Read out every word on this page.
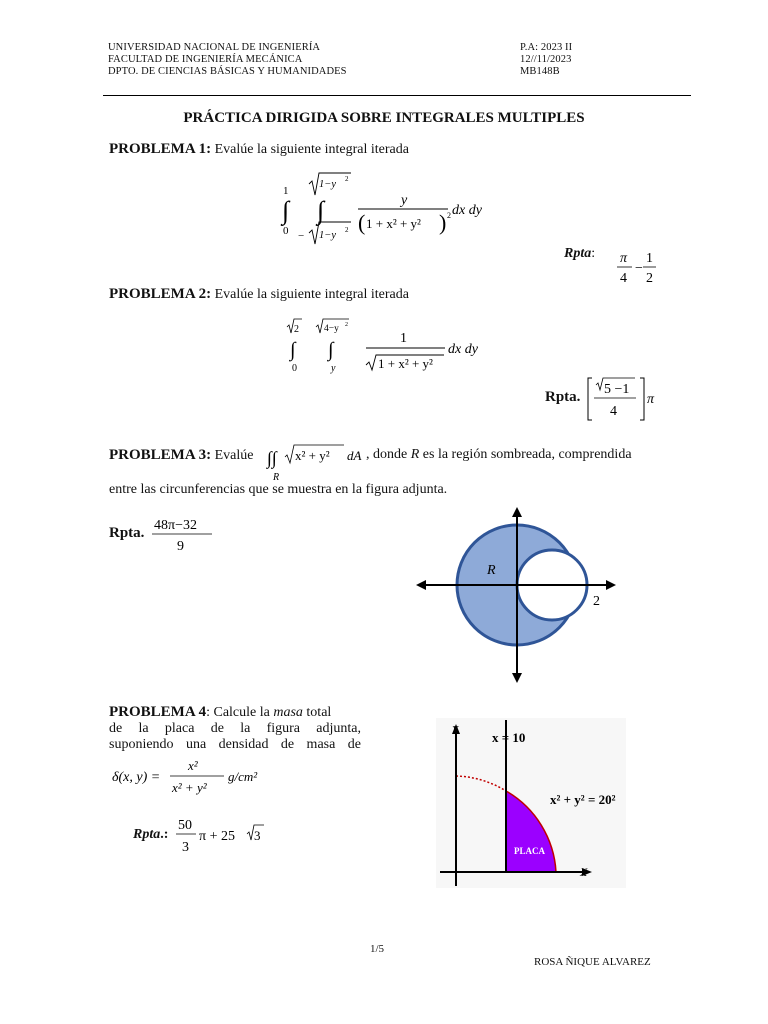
UNIVERSIDAD NACIONAL DE INGENIERÍA
FACULTAD DE INGENIERÍA MECÁNICA
DPTO. DE CIENCIAS BÁSICAS Y HUMANIDADES
P.A: 2023 II
12//11/2023
MB148B
PRÁCTICA DIRIGIDA SOBRE INTEGRALES MULTIPLES
PROBLEMA 1: Evalúe la siguiente integral iterada
1
∫
0
1−y 2
∫
− 1−y 2
y
( 1 + x² + y² ) 2 dx dy
Rpta: π
4
−
1
2
PROBLEMA 2: Evalúe la siguiente integral iterada
2
∫
0
4−y 2
∫
y
1
1 + x² + y²
dx dy
Rpta. 5 −1
4
π
PROBLEMA 3: Evalúe ∫∫
R
x² + y² dA , donde R es la región sombreada, comprendida
entre las circunferencias que se muestra en la figura adjunta.
Rpta. 48π−32
9
R
2
PROBLEMA 4: Calcule la masa total
de la placa de la figura adjunta,
suponiendo una densidad de masa de
δ(x, y) =
x²
x² + y²
g/cm²
Rpta.:
50
3
π + 25 3
Y
X
x = 10
x² + y² = 20²
PLACA
1/5
ROSA ÑIQUE ALVAREZ
